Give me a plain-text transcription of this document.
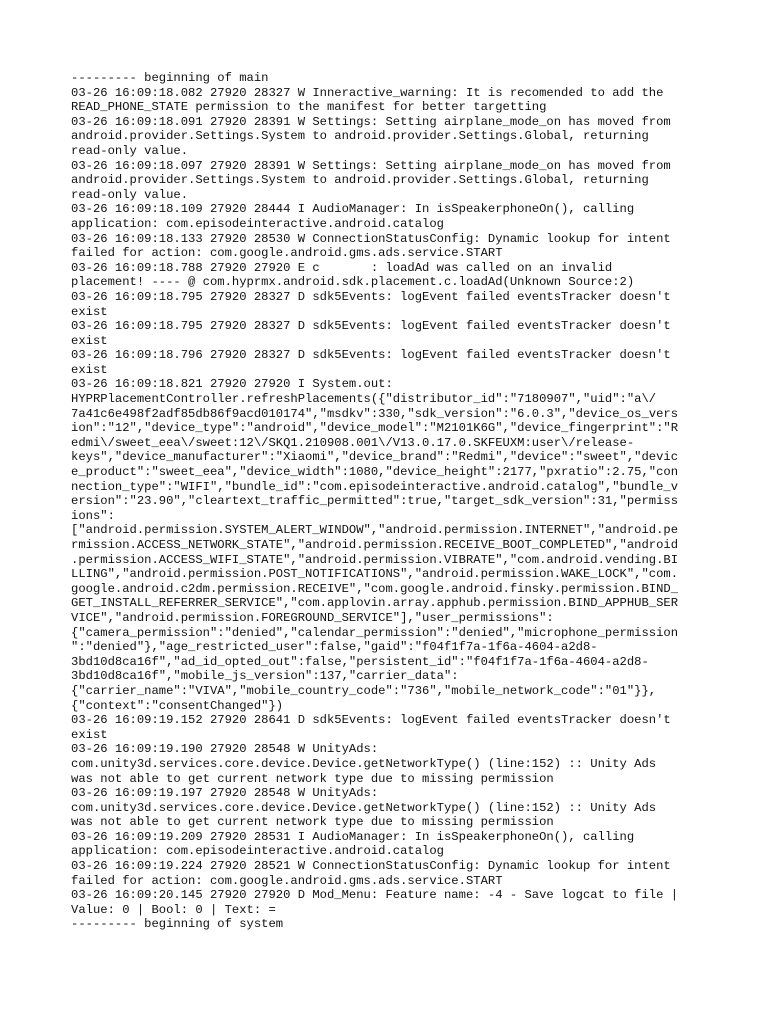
--------- beginning of main
03-26 16:09:18.082 27920 28327 W Inneractive_warning: It is recomended to add the
READ_PHONE_STATE permission to the manifest for better targetting
03-26 16:09:18.091 27920 28391 W Settings: Setting airplane_mode_on has moved from
android.provider.Settings.System to android.provider.Settings.Global, returning
read-only value.
03-26 16:09:18.097 27920 28391 W Settings: Setting airplane_mode_on has moved from
android.provider.Settings.System to android.provider.Settings.Global, returning
read-only value.
03-26 16:09:18.109 27920 28444 I AudioManager: In isSpeakerphoneOn(), calling
application: com.episodeinteractive.android.catalog
03-26 16:09:18.133 27920 28530 W ConnectionStatusConfig: Dynamic lookup for intent
failed for action: com.google.android.gms.ads.service.START
03-26 16:09:18.788 27920 27920 E c       : loadAd was called on an invalid
placement! ---- @ com.hyprmx.android.sdk.placement.c.loadAd(Unknown Source:2)
03-26 16:09:18.795 27920 28327 D sdk5Events: logEvent failed eventsTracker doesn't
exist
03-26 16:09:18.795 27920 28327 D sdk5Events: logEvent failed eventsTracker doesn't
exist
03-26 16:09:18.796 27920 28327 D sdk5Events: logEvent failed eventsTracker doesn't
exist
03-26 16:09:18.821 27920 27920 I System.out:
HYPRPlacementController.refreshPlacements({"distributor_id":"7180907","uid":"a\/
7a41c6e498f2adf85db86f9acd010174","msdkv":330,"sdk_version":"6.0.3","device_os_vers
ion":"12","device_type":"android","device_model":"M2101K6G","device_fingerprint":"R
edmi\/sweet_eea\/sweet:12\/SKQ1.210908.001\/V13.0.17.0.SKFEUXM:user\/release-
keys","device_manufacturer":"Xiaomi","device_brand":"Redmi","device":"sweet","devic
e_product":"sweet_eea","device_width":1080,"device_height":2177,"pxratio":2.75,"con
nection_type":"WIFI","bundle_id":"com.episodeinteractive.android.catalog","bundle_v
ersion":"23.90","cleartext_traffic_permitted":true,"target_sdk_version":31,"permiss
ions":
["android.permission.SYSTEM_ALERT_WINDOW","android.permission.INTERNET","android.pe
rmission.ACCESS_NETWORK_STATE","android.permission.RECEIVE_BOOT_COMPLETED","android
.permission.ACCESS_WIFI_STATE","android.permission.VIBRATE","com.android.vending.BI
LLING","android.permission.POST_NOTIFICATIONS","android.permission.WAKE_LOCK","com.
google.android.c2dm.permission.RECEIVE","com.google.android.finsky.permission.BIND_
GET_INSTALL_REFERRER_SERVICE","com.applovin.array.apphub.permission.BIND_APPHUB_SER
VICE","android.permission.FOREGROUND_SERVICE"],"user_permissions":
{"camera_permission":"denied","calendar_permission":"denied","microphone_permission
":"denied"},"age_restricted_user":false,"gaid":"f04f1f7a-1f6a-4604-a2d8-
3bd10d8ca16f","ad_id_opted_out":false,"persistent_id":"f04f1f7a-1f6a-4604-a2d8-
3bd10d8ca16f","mobile_js_version":137,"carrier_data":
{"carrier_name":"VIVA","mobile_country_code":"736","mobile_network_code":"01"}},
{"context":"consentChanged"})
03-26 16:09:19.152 27920 28641 D sdk5Events: logEvent failed eventsTracker doesn't
exist
03-26 16:09:19.190 27920 28548 W UnityAds:
com.unity3d.services.core.device.Device.getNetworkType() (line:152) :: Unity Ads
was not able to get current network type due to missing permission
03-26 16:09:19.197 27920 28548 W UnityAds:
com.unity3d.services.core.device.Device.getNetworkType() (line:152) :: Unity Ads
was not able to get current network type due to missing permission
03-26 16:09:19.209 27920 28531 I AudioManager: In isSpeakerphoneOn(), calling
application: com.episodeinteractive.android.catalog
03-26 16:09:19.224 27920 28521 W ConnectionStatusConfig: Dynamic lookup for intent
failed for action: com.google.android.gms.ads.service.START
03-26 16:09:20.145 27920 27920 D Mod_Menu: Feature name: -4 - Save logcat to file |
Value: 0 | Bool: 0 | Text: =
--------- beginning of system
